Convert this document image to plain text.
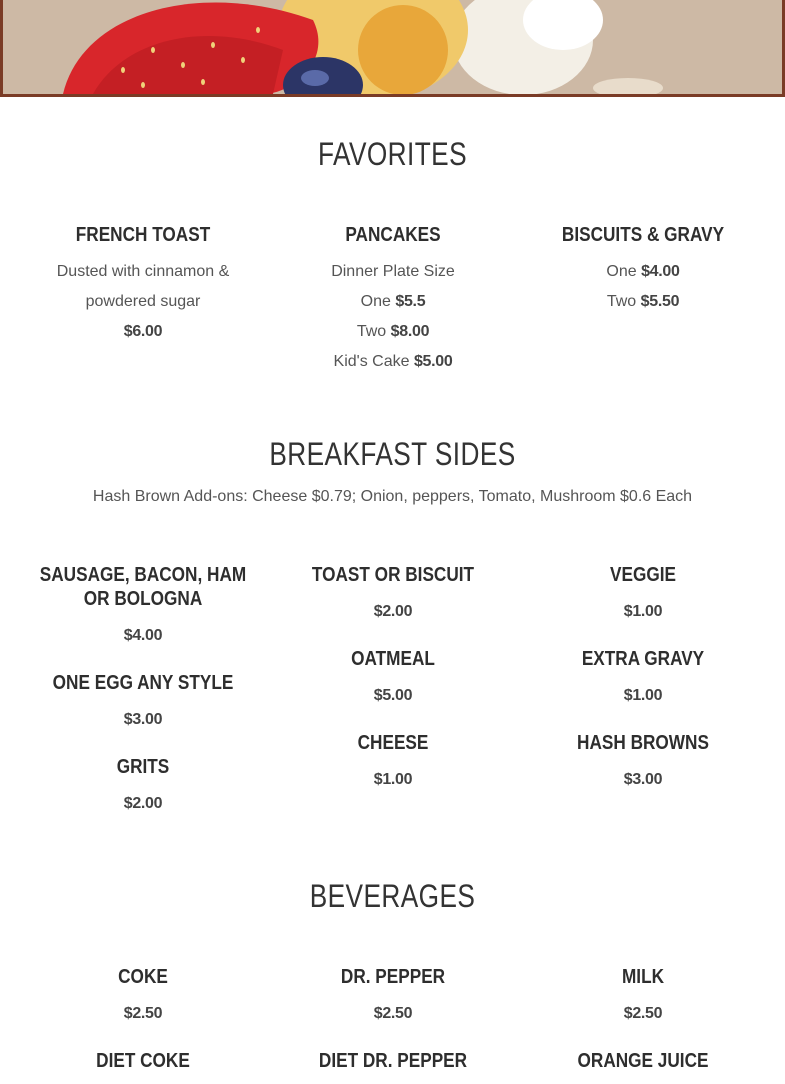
FAVORITES
FRENCH TOAST
Dusted with cinnamon &
powdered sugar
$6.00
PANCAKES
Dinner Plate Size
One $5.5
Two $8.00
Kid's Cake $5.00
BISCUITS & GRAVY
One $4.00
Two $5.50
BREAKFAST SIDES
Hash Brown Add-ons: Cheese $0.79; Onion, peppers, Tomato, Mushroom $0.6 Each
SAUSAGE, BACON, HAM OR BOLOGNA
$4.00
TOAST OR BISCUIT
$2.00
VEGGIE
$1.00
ONE EGG ANY STYLE
$3.00
OATMEAL
$5.00
EXTRA GRAVY
$1.00
GRITS
$2.00
CHEESE
$1.00
HASH BROWNS
$3.00
BEVERAGES
COKE
$2.50
DR. PEPPER
$2.50
MILK
$2.50
DIET COKE	DIET DR. PEPPER	ORANGE JUICE
